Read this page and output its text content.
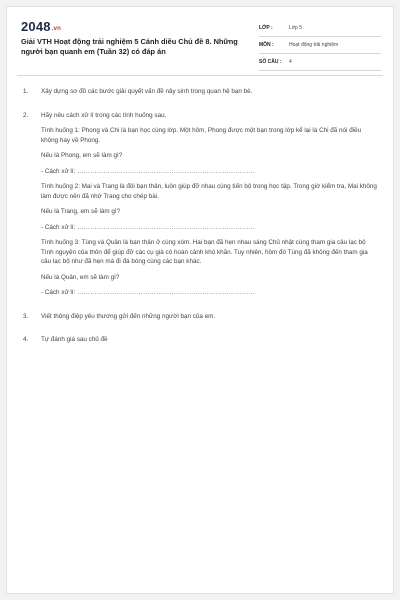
2048.vn
Giải VTH Hoạt động trải nghiệm 5 Cánh diều Chủ đề 8. Những người bạn quanh em (Tuần 32) có đáp án
LỚP :	Lớp 5
MÔN :	Hoạt động trải nghiệm
SỐ CÂU : 4
1. Xây dựng sơ đồ các bước giải quyết vấn đề nảy sinh trong quan hệ bạn bè.
2. Hãy nêu cách xử lí trong các tình huống sau.

Tình huống 1: Phong và Chi là bạn học cùng lớp. Một hôm, Phong được một bạn trong lớp kể lại là Chi đã nói điều không hay về Phong.

Nếu là Phong, em sẽ làm gì?

- Cách xử lí: ………………………………………………………………………

Tình huống 2: Mai và Trang là đôi bạn thân, luôn giúp đỡ nhau cùng tiến bộ trong học tập. Trong giờ kiểm tra, Mai không làm được nên đã nhờ Trang cho chép bài.

Nếu là Trang, em sẽ làm gì?

- Cách xử lí: ………………………………………………………………………

Tình huống 3: Tùng và Quân là bạn thân ở cùng xóm. Hai bạn đã hẹn nhau sáng Chủ nhật cùng tham gia câu lạc bộ Tình nguyện của thôn để giúp đỡ các cụ già có hoàn cảnh khó khăn. Tuy nhiên, hôm đó Tùng đã không đến tham gia câu lạc bộ như đã hẹn mà đi đá bóng cùng các bạn khác.

Nếu là Quân, em sẽ làm gì?

- Cách xử lí: ………………………………………………………………………

3. Viết thông điệp yêu thương gửi đến những người bạn của em.
4. Tự đánh giá sau chủ đề
